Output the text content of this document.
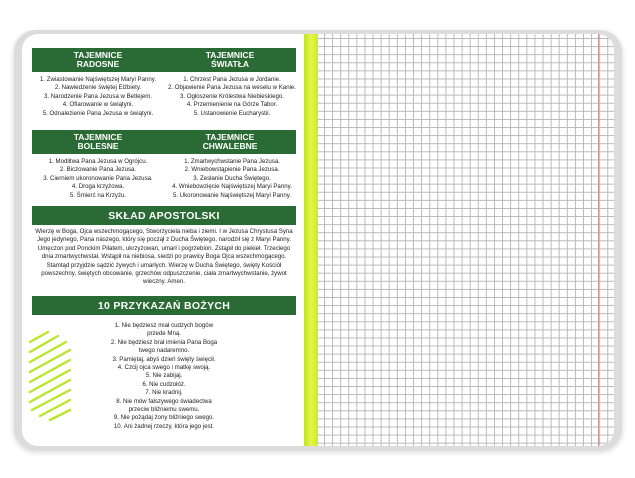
TAJEMNICE RADOSNE
TAJEMNICE ŚWIATŁA
1. Zwiastowanie Najświętszej Maryi Panny.
2. Nawiedzenie świętej Elżbiety.
3. Narodzenie Pana Jezusa w Betlejem.
4. Ofiarowanie w świątyni.
5. Odnalezienie Pana Jezusa w świątyni.
1. Chrzest Pana Jezusa w Jordanie.
2. Objawienie Pana Jezusa na weselu w Kanie.
3. Ogłoszenie Królestwa Niebieskiego.
4. Przemienienie na Górze Tabor.
5. Ustanowienie Eucharystii.
TAJEMNICE BOLESNE
TAJEMNICE CHWALEBNE
1. Modlitwa Pana Jezusa w Ogrójcu.
2. Biczowanie Pana Jezusa.
3. Cierniem ukoronowanie Pana Jezusa.
4. Droga krzyżowa.
5. Śmierć na Krzyżu.
1. Zmartwychwstanie Pana Jezusa.
2. Wniebowstąpienie Pana Jezusa.
3. Zesłanie Ducha Świętego.
4. Wniebowzięcie Najświętszej Maryi Panny.
5. Ukoronowanie Najświętszej Maryi Panny.
SKŁAD APOSTOLSKI
Wierzę w Boga, Ojca wszechmogącego, Stworzyciela nieba i ziemi. I w Jezusa Chrystusa Syna Jego jedynego, Pana naszego, który się począł z Ducha Świętego, narodził się z Maryi Panny. Umęczon pod Ponckim Piłatem, ukrzyżowan, umarł i pogrzebion. Zstąpił do piekieł. Trzeciego dnia zmartwychwstał. Wstąpił na niebiosa, siedzi po prawicy Boga Ojca wszechmogącego. Stamtąd przyjdzie sądzić żywych i umarłych. Wierzę w Ducha Świętego, święty Kościół powszechny, świętych obcowanie, grzechów odpuszczenie, ciała zmartwychwstanie, żywot wieczny. Amen.
10 PRZYKAZAŃ BOŻYCH
1. Nie będziesz miał cudzych bogów przede Mną.
2. Nie będziesz brał imienia Pana Boga twego nadaremno.
3. Pamiętaj, abyś dzień święty święcił.
4. Czcij ojca swego i matkę swoją.
5. Nie zabijaj.
6. Nie cudzołóż.
7. Nie kradnij.
8. Nie mów fałszywego świadectwa przeciw bliźniemu swemu.
9. Nie pożądaj żony bliźniego swego.
10. Ani żadnej rzeczy, która jego jest.
